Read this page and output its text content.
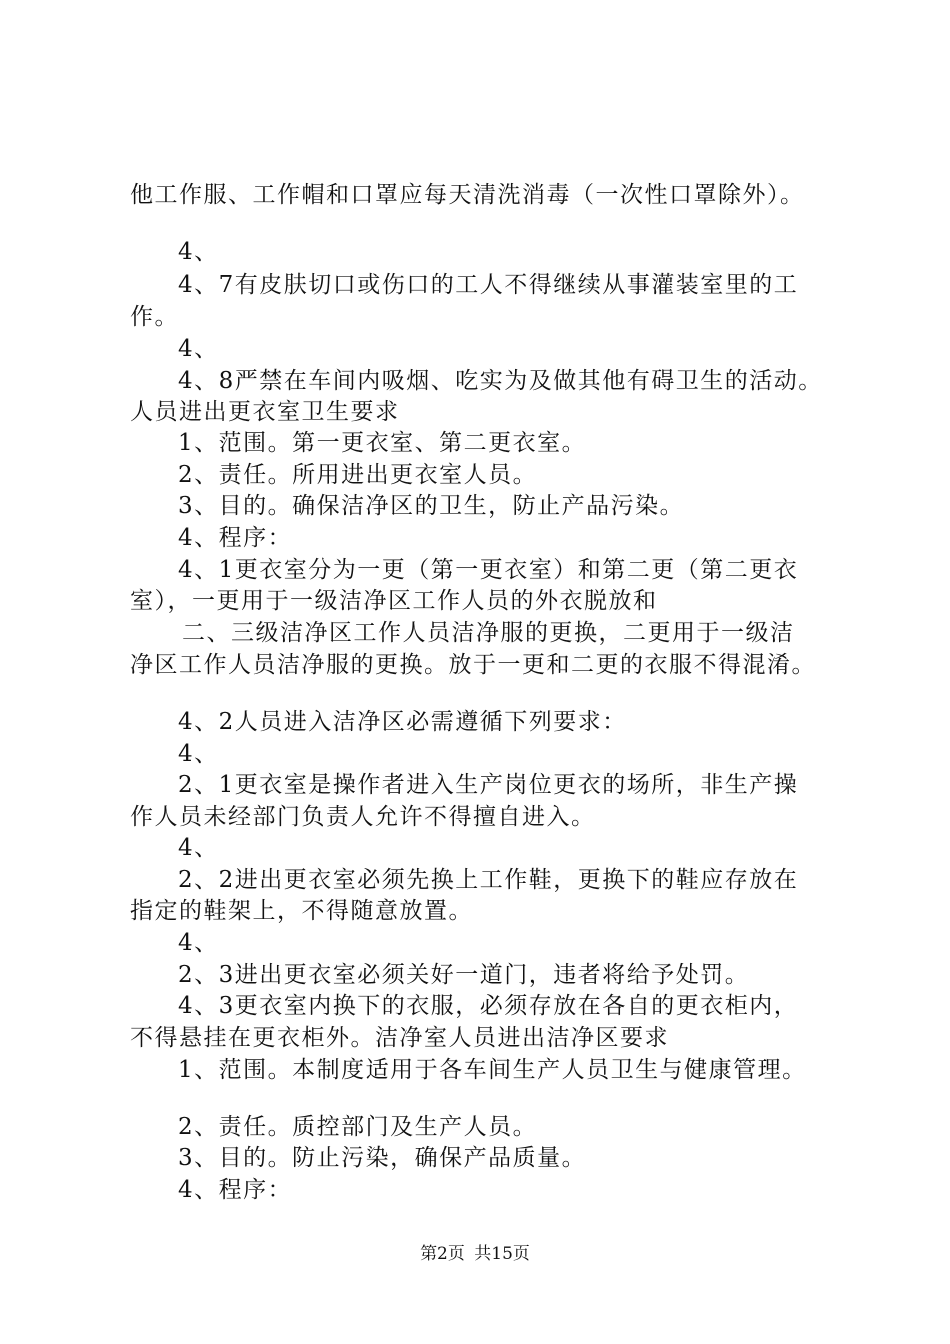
他工作服、工作帽和口罩应每天清洗消毒（一次性口罩除外）。
4、
4、7有皮肤切口或伤口的工人不得继续从事灌装室里的工
作。
4、
4、8严禁在车间内吸烟、吃实为及做其他有碍卫生的活动。
人员进出更衣室卫生要求
1、范围。第一更衣室、第二更衣室。
2、责任。所用进出更衣室人员。
3、目的。确保洁净区的卫生，防止产品污染。
4、程序：
4、1更衣室分为一更（第一更衣室）和第二更（第二更衣
室），一更用于一级洁净区工作人员的外衣脱放和
二、三级洁净区工作人员洁净服的更换，二更用于一级洁
净区工作人员洁净服的更换。放于一更和二更的衣服不得混淆。
4、2人员进入洁净区必需遵循下列要求：
4、
2、1更衣室是操作者进入生产岗位更衣的场所，非生产操
作人员未经部门负责人允许不得擅自进入。
4、
2、2进出更衣室必须先换上工作鞋，更换下的鞋应存放在
指定的鞋架上，不得随意放置。
4、
2、3进出更衣室必须关好一道门，违者将给予处罚。
4、3更衣室内换下的衣服，必须存放在各自的更衣柜内，
不得悬挂在更衣柜外。洁净室人员进出洁净区要求
1、范围。本制度适用于各车间生产人员卫生与健康管理。
2、责任。质控部门及生产人员。
3、目的。防止污染，确保产品质量。
4、程序：
第2页 共15页
